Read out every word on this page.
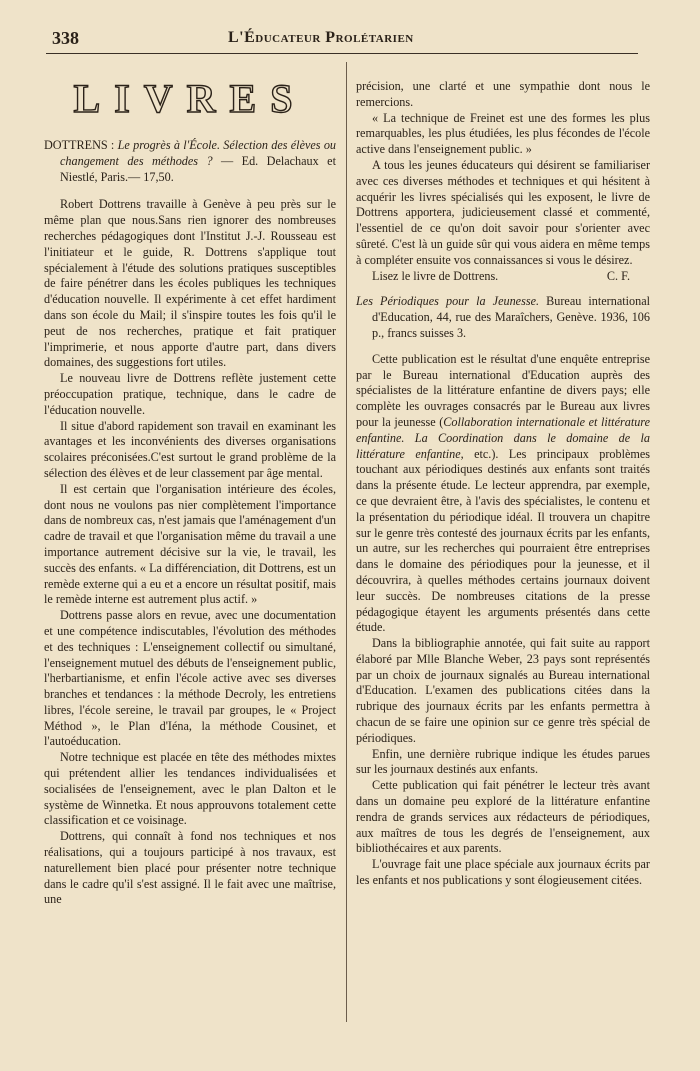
338	L'Éducateur Prolétarien
LIVRES
DOTTRENS : Le progrès à l'École. Sélection des élèves ou changement des méthodes ? — Ed. Delachaux et Niestlé, Paris.— 17,50.

Robert Dottrens travaille à Genève à peu près sur le même plan que nous.Sans rien ignorer des nombreuses recherches pédagogiques dont l'Institut J.-J. Rousseau est l'initiateur et le guide, R. Dottrens s'applique tout spécialement à l'étude des solutions pratiques susceptibles de faire pénétrer dans les écoles publiques les techniques d'éducation nouvelle. Il expérimente à cet effet hardiment dans son école du Mail; il s'inspire toutes les fois qu'il le peut de nos recherches, pratique et fait pratiquer l'imprimerie, et nous apporte d'autre part, dans divers domaines, des suggestions fort utiles.

Le nouveau livre de Dottrens reflète justement cette préoccupation pratique, technique, dans le cadre de l'éducation nouvelle.

Il situe d'abord rapidement son travail en examinant les avantages et les inconvénients des diverses organisations scolaires préconisées.C'est surtout le grand problème de la sélection des élèves et de leur classement par âge mental.

Il est certain que l'organisation intérieure des écoles, dont nous ne voulons pas nier complètement l'importance dans de nombreux cas, n'est jamais que l'aménagement d'un cadre de travail et que l'organisation même du travail a une importance autrement décisive sur la vie, le travail, les succès des enfants. « La différenciation, dit Dottrens, est un remède externe qui a eu et a encore un résultat positif, mais le remède interne est autrement plus actif. »

Dottrens passe alors en revue, avec une documentation et une compétence indiscutables, l'évolution des méthodes et des techniques : L'enseignement collectif ou simultané, l'enseignement mutuel des débuts de l'enseignement public, l'herbartianisme, et enfin l'école active avec ses diverses branches et tendances : la méthode Decroly, les entretiens libres, l'école sereine, le travail par groupes, le « Project Méthod », le Plan d'Iéna, la méthode Cousinet, et l'autoéducation.

Notre technique est placée en tête des méthodes mixtes qui prétendent allier les tendances individualisées et socialisées de l'enseignement, avec le plan Dalton et le système de Winnetka. Et nous approuvons totalement cette classification et ce voisinage.

Dottrens, qui connaît à fond nos techniques et nos réalisations, qui a toujours participé à nos travaux, est naturellement bien placé pour présenter notre technique dans le cadre qu'il s'est assigné. Il le fait avec une maîtrise, une

précision, une clarté et une sympathie dont nous le remercions.

« La technique de Freinet est une des formes les plus remarquables, les plus étudiées, les plus fécondes de l'école active dans l'enseignement public. »

A tous les jeunes éducateurs qui désirent se familiariser avec ces diverses méthodes et techniques et qui hésitent à acquérir les livres spécialisés qui les exposent, le livre de Dottrens apportera, judicieusement classé et commenté, l'essentiel de ce qu'on doit savoir pour s'orienter avec sûreté. C'est là un guide sûr qui vous aidera en même temps à compléter ensuite vos connaissances si vous le désirez.

Lisez le livre de Dottrens.	C. F.
Les Périodiques pour la Jeunesse. Bureau international d'Education, 44, rue des Maraîchers, Genève. 1936, 106 p., francs suisses 3.

Cette publication est le résultat d'une enquête entreprise par le Bureau international d'Education auprès des spécialistes de la littérature enfantine de divers pays; elle complète les ouvrages consacrés par le Bureau aux livres pour la jeunesse (Collaboration internationale et littérature enfantine. La Coordination dans le domaine de la littérature enfantine, etc.). Les principaux problèmes touchant aux périodiques destinés aux enfants sont traités dans la présente étude. Le lecteur apprendra, par exemple, ce que devraient être, à l'avis des spécialistes, le contenu et la présentation du périodique idéal. Il trouvera un chapitre sur le genre très contesté des journaux écrits par les enfants, un autre, sur les recherches qui pourraient être entreprises dans le domaine des périodiques pour la jeunesse, et il découvrira, à quelles méthodes certains journaux doivent leur succès. De nombreuses citations de la presse pédagogique étayent les arguments présentés dans cette étude.

Dans la bibliographie annotée, qui fait suite au rapport élaboré par Mlle Blanche Weber, 23 pays sont représentés par un choix de journaux signalés au Bureau international d'Education. L'examen des publications citées dans la rubrique des journaux écrits par les enfants permettra à chacun de se faire une opinion sur ce genre très spécial de périodiques.

Enfin, une dernière rubrique indique les études parues sur les journaux destinés aux enfants.

Cette publication qui fait pénétrer le lecteur très avant dans un domaine peu exploré de la littérature enfantine rendra de grands services aux rédacteurs de périodiques, aux maîtres de tous les degrés de l'enseignement, aux bibliothécaires et aux parents.

L'ouvrage fait une place spéciale aux journaux écrits par les enfants et nos publications y sont élogieusement citées.
